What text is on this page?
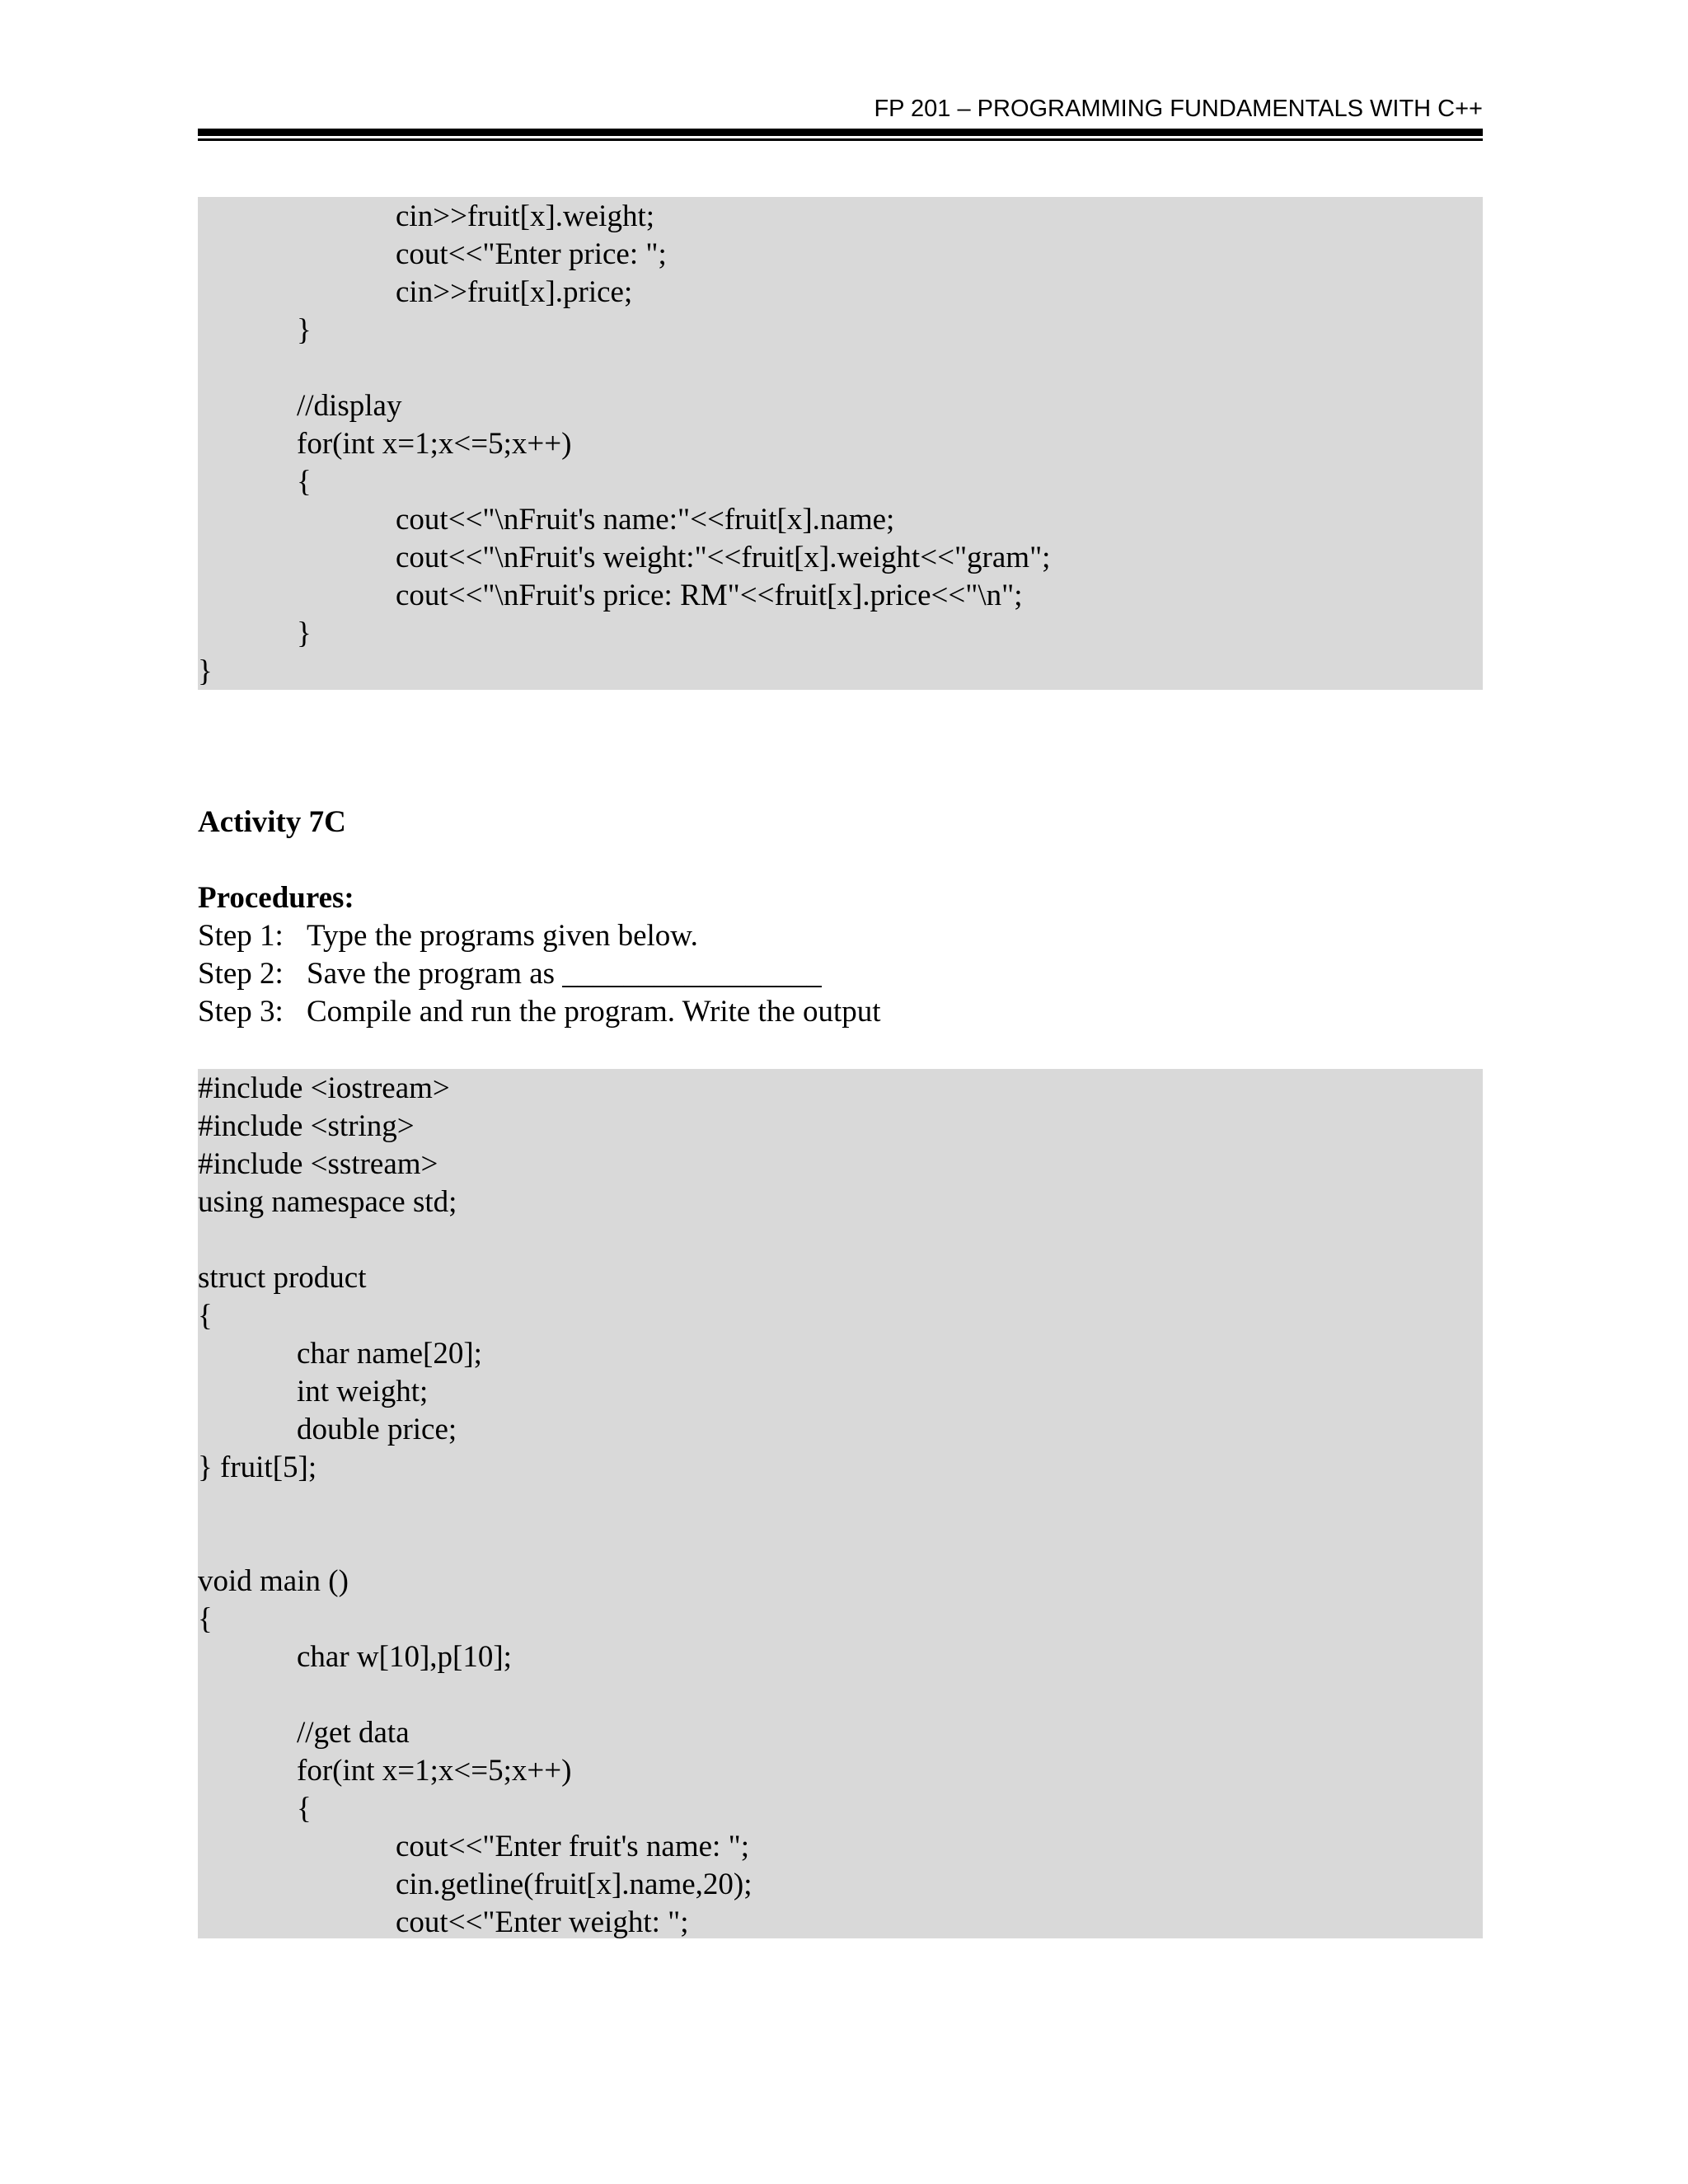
FP 201 – PROGRAMMING FUNDAMENTALS WITH C++
cin>>fruit[x].weight;
cout<<"Enter price: ";
cin>>fruit[x].price;
}
//display
for(int x=1;x<=5;x++)
{
cout<<"\nFruit's name:"<<fruit[x].name;
cout<<"\nFruit's weight:"<<fruit[x].weight<<"gram";
cout<<"\nFruit's price: RM"<<fruit[x].price<<"\n";
}
}
Activity 7C
Procedures:
Step 1: Type the programs given below.
Step 2: Save the program as _________________
Step 3: Compile and run the program. Write the output
#include <iostream>
#include <string>
#include <sstream>
using namespace std;
struct product
{
char name[20];
int weight;
double price;
} fruit[5];
void main ()
{
char w[10],p[10];
//get data
for(int x=1;x<=5;x++)
{
cout<<"Enter fruit's name: ";
cin.getline(fruit[x].name,20);
cout<<"Enter weight: ";
